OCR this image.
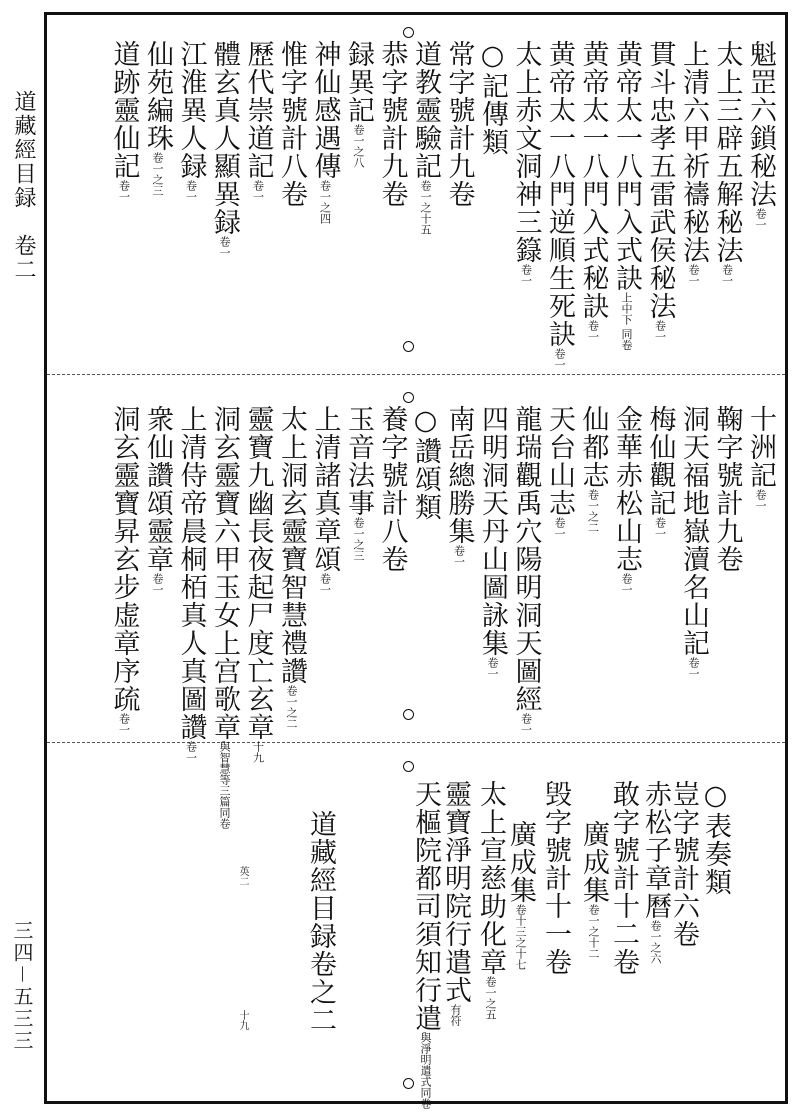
道藏經目録　卷二
三四－五三三
魁罡六鎖秘法卷一
太上三辟五解秘法卷一
上清六甲祈禱秘法卷一
貫斗忠孝五雷武侯秘法卷一
黄帝太一八門入式訣上中下 同卷
黄帝太一八門入式秘訣卷一
黄帝太一八門逆順生死訣卷一
太上赤文洞神三籙卷一
○記傳類
常字號計九卷
道教靈驗記卷一之十五
恭字號計九卷
録異記卷一之八
神仙感遇傳卷一之四
惟字號計八卷
歷代崇道記卷一
體玄真人顯異録卷一
江淮異人録卷一
仙苑編珠卷一之三
道跡靈仙記卷一
十洲記卷一
鞠字號計九卷
洞天福地嶽瀆名山記卷一
梅仙觀記卷一
金華赤松山志卷一
仙都志卷一之二
天台山志卷一
龍瑞觀禹穴陽明洞天圖經卷一
四明洞天丹山圖詠集卷一
南岳總勝集卷一
○讚頌類
養字號計八卷
玉音法事卷一之三
上清諸真章頌卷一
太上洞玄靈寶智慧禮讚卷一之二
靈寶九幽長夜起尸度亡玄章十九
洞玄靈寶六甲玉女上宫歌章與智慧等三篇同卷
上清侍帝晨桐栢真人真圖讚卷一
衆仙讚頌靈章卷一
洞玄靈寶昇玄步虚章序疏卷一
○表奏類
豈字號計六卷
赤松子章曆卷一之六
敢字號計十二卷
廣成集卷一之十二
毁字號計十一卷
廣成集卷十三之十七
太上宣慈助化章卷一之五
靈寶淨明院行遣式有符
天樞院都司須知行遣與淨明遣式同卷
道藏經目録卷之二
英二
十九
